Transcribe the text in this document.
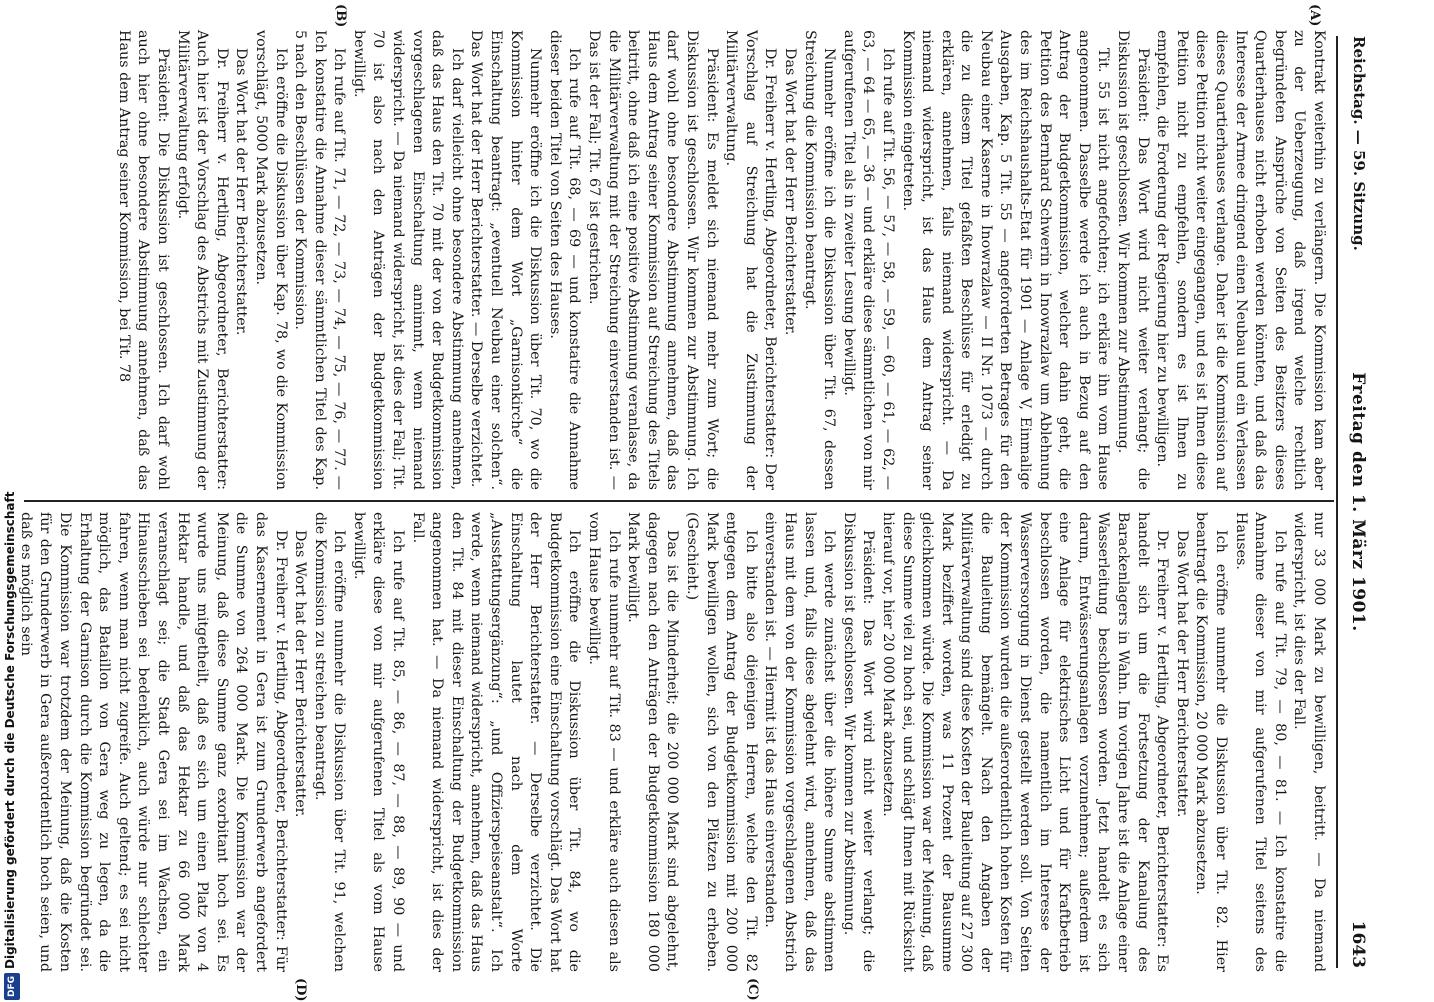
Reichstag. — 59. Sitzung.
Freitag den 1. März 1901.
1643
(A)
(B)
(C)
(D)

Kontrakt weiterhin zu verlängern. Die Kommission kam aber zu der Ueberzeugung, daß irgend welche rechtlich begründeten Ansprüche von Seiten des Besitzers dieses Quartierhauses nicht erhoben werden könnten, und daß das Interesse der Armee dringend einen Neubau und ein Verlassen dieses Quartierhauses verlange. Daher ist die Kommission auf diese Petition nicht weiter eingegangen, und es ist Ihnen diese Petition nicht zu empfehlen, sondern es ist Ihnen zu empfehlen, die Forderung der Regierung hier zu bewilligen.

Präsident: Das Wort wird nicht weiter verlangt; die Diskussion ist geschlossen. Wir kommen zur Abstimmung.

Tit. 55 ist nicht angefochten; ich erkläre ihn vom Hause angenommen. Dasselbe werde ich auch in Bezug auf den Antrag der Budgetkommission, welcher dahin geht, die Petition des Bernhard Schwerin in Inowrazlaw um Ablehnung des im Reichshaushalts-Etat für 1901 — Anlage V, Einmalige Ausgaben, Kap. 5 Tit. 55 — angeforderten Betrages für den Neubau einer Kaserne in Inowrazlaw — II Nr. 1073 — durch die zu diesem Titel gefaßten Beschlüsse für erledigt zu erklären, annehmen, falls niemand widerspricht. — Da niemand widerspricht, ist das Haus dem Antrag seiner Kommission eingetreten.

Ich rufe auf Tit. 56, — 57, — 58, — 59, — 60, — 61, — 62, — 63, — 64 — 65, — 36 — und erkläre diese sämmtlichen von mir aufgerufenen Titel als in zweiter Lesung bewilligt.

Nunmehr eröffne ich die Diskussion über Tit. 67, dessen Streichung die Kommission beantragt.

Das Wort hat der Herr Berichterstatter.

Dr. Freiherr v. Hertling, Abgeordneter, Berichterstatter: Der Vorschlag auf Streichung hat die Zustimmung der Militärverwaltung.

Präsident: Es meldet sich niemand mehr zum Wort; die Diskussion ist geschlossen. Wir kommen zur Abstimmung. Ich darf wohl ohne besondere Abstimmung annehmen, daß das Haus dem Antrag seiner Kommission auf Streichung des Titels beitritt, ohne daß ich eine positive Abstimmung veranlasse, da die Militärverwaltung mit der Streichung einverstanden ist. — Das ist der Fall; Tit. 67 ist gestrichen.

Ich rufe auf Tit. 68, — 69 — und konstatire die Annahme dieser beiden Titel von Seiten des Hauses.

Nunmehr eröffne ich die Diskussion über Tit. 70, wo die Kommission hinter dem Wort „Garnisonkirche“ die Einschaltung beantragt: „eventuell Neubau einer solchen“. Das Wort hat der Herr Berichterstatter. — Derselbe verzichtet.

Ich darf vielleicht ohne besondere Abstimmung annehmen, daß das Haus den Tit. 70 mit der von der Budgetkommission vorgeschlagenen Einschaltung annimmt, wenn niemand widerspricht. — Da niemand widerspricht, ist dies der Fall; Tit. 70 ist also nach den Anträgen der Budgetkommission bewilligt.

Ich rufe auf Tit. 71, — 72, — 73, — 74, — 75, — 76, — 77. — Ich konstatire die Annahme dieser sämmtlichen Titel des Kap. 5 nach den Beschlüssen der Kommission.

Ich eröffne die Diskussion über Kap. 78, wo die Kommission vorschlägt, 5000 Mark abzusetzen.

Das Wort hat der Herr Berichterstatter.

Dr. Freiherr v. Hertling, Abgeordneter, Berichterstatter: Auch hier ist der Vorschlag des Abstrichs mit Zustimmung der Militärverwaltung erfolgt.

Präsident: Die Diskussion ist geschlossen. Ich darf wohl auch hier ohne besondere Abstimmung annehmen, daß das Haus dem Antrag seiner Kommission, bei Tit. 78

nur 33 000 Mark zu bewilligen, beitritt. — Da niemand widerspricht, ist dies der Fall.

Ich rufe auf Tit. 79, — 80, — 81. — Ich konstatire die Annahme dieser von mir aufgerufenen Titel seitens des Hauses.

Ich eröffne nunmehr die Diskussion über Tit. 82. Hier beantragt die Kommission, 20 000 Mark abzusetzen.

Das Wort hat der Herr Berichterstatter.

Dr. Freiherr v. Hertling, Abgeordneter, Berichterstatter: Es handelt sich um die Fortsetzung der Kanalung des Barackenlagers in Wahn. Im vorigen Jahre ist die Anlage einer Wasserleitung beschlossen worden. Jetzt handelt es sich darum, Entwässerungsanlagen vorzunehmen; außerdem ist eine Anlage für elektrisches Licht und für Kraftbetrieb beschlossen worden, die namentlich im Interesse der Wasserversorgung in Dienst gestellt werden soll. Von Seiten der Kommission wurden die außerordentlich hohen Kosten für die Bauleitung bemängelt. Nach den Angaben der Militärverwaltung sind diese Kosten der Bauleitung auf 27 300 Mark beziffert worden, was 11 Prozent der Bausumme gleichkommen würde. Die Kommission war der Meinung, daß diese Summe viel zu hoch sei, und schlägt Ihnen mit Rücksicht hierauf vor, hier 20 000 Mark abzusetzen.

Präsident: Das Wort wird nicht weiter verlangt; die Diskussion ist geschlossen. Wir kommen zur Abstimmung.

Ich werde zunächst über die höhere Summe abstimmen lassen und, falls diese abgelehnt wird, annehmen, daß das Haus mit dem von der Kommission vorgeschlagenen Abstrich einverstanden ist. — Hiermit ist das Haus einverstanden.

Ich bitte also diejenigen Herren, welche den Tit. 82 entgegen dem Antrag der Budgetkommission mit 200 000 Mark bewilligen wollen, sich von den Plätzen zu erheben. (Geschieht.)

Das ist die Minderheit; die 200 000 Mark sind abgelehnt, dagegen nach den Anträgen der Budgetkommission 180 000 Mark bewilligt.

Ich rufe nunmehr auf Tit. 83 — und erkläre auch diesen als vom Hause bewilligt.

Ich eröffne die Diskussion über Tit. 84, wo die Budgetkommission eine Einschaltung vorschlägt. Das Wort hat der Herr Berichterstatter. — Derselbe verzichtet. Die Einschaltung lautet nach dem Worte „Ausstattungsergänzung“: „und Offizierspeiseanstalt“. Ich werde, wenn niemand widerspricht, annehmen, daß das Haus den Tit. 84 mit dieser Einschaltung der Budgetkommission angenommen hat. — Da niemand widerspricht, ist dies der Fall.

Ich rufe auf Tit. 85, — 86, — 87, — 88, — 89, 90 — und erkläre diese von mir aufgerufenen Titel als vom Hause bewilligt.

Ich eröffne nunmehr die Diskussion über Tit. 91, welchen die Kommission zu streichen beantragt.

Das Wort hat der Herr Berichterstatter.

Dr. Freiherr v. Hertling, Abgeordneter, Berichterstatter: Für das Kasernement in Gera ist zum Grunderwerb angefordert die Summe von 264 000 Mark. Die Kommission war der Meinung, daß diese Summe ganz exorbitant hoch sei. Es wurde uns mitgetheilt, daß es sich um einen Platz von 4 Hektar handle, und daß das Hektar zu 66 000 Mark veranschlagt sei; die Stadt Gera sei im Wachsen, ein Hinausschieben sei bedenklich, auch würde nur schlechter fahren, wenn man nicht zugreife. Auch geltend; es sei nicht möglich, das Bataillon von Gera weg zu legen, da die Erhaltung der Garnison durch die Kommission begründet sei. Die Kommission war trotzdem der Meinung, daß die Kosten für den Grunderwerb in Gera außerordentlich hoch seien, und daß es möglich sein

DFGDigitalisierung gefördert durch die Deutsche Forschungsgemeinschaft
